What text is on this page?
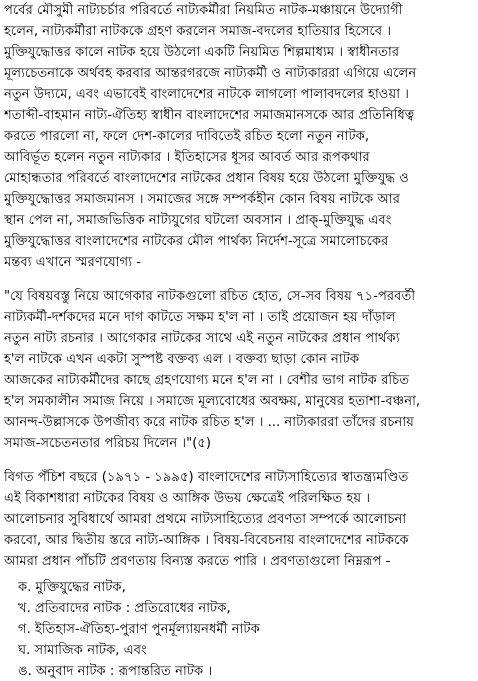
পর্বের মৌসুমী নাট্যচর্চার পরিবর্তে নাট্যকর্মীরা নিয়মিত নাটক-মঞ্চায়নে উদ্যোগী
হলেন, নাট্যকর্মীরা নাটককে গ্রহণ করলেন সমাজ-বদলের হাতিয়ার হিসেবে ।
মুক্তিযুদ্ধোত্তর কালে নাটক হয়ে উঠলো একটি নিয়মিত শিল্পমাধ্যম । স্বাধীনতার
মূল্যচেতনাকে অর্থবহ করবার আন্তরগরজে নাট্যকর্মী ও নাট্যকাররা এগিয়ে এলেন
নতুন উদ্যমে, এবং এভাবেই বাংলাদেশের নাটকে লাগলো পালাবদলের হাওয়া ।
শতাব্দী-বাহমান নাট্য-ঐতিহ্য স্বাধীন বাংলাদেশের সমাজমানসকে আর প্রতিনিধিত্ব
করতে পারলো না, ফলে দেশ-কালের দাবিতেই রচিত হলো নতুন নাটক,
আবির্ভূত হলেন নতুন নাট্যকার । ইতিহাসের ধূসর আবর্ত আর রূপকথার
মোহান্ধতার পরিবর্তে বাংলাদেশের নাটকের প্রধান বিষয় হয়ে উঠলো মুক্তিযুদ্ধ ও
মুক্তিযুদ্ধোত্তর সমাজমানস । সমাজের সঙ্গে সম্পর্কহীন কোন বিষয় নাটকে আর
স্থান পেল না, সমাজভিত্তিক নাট্যযুগের ঘটলো অবসান । প্রাক্-মুক্তিযুদ্ধ এবং
মুক্তিযুদ্ধোত্তর বাংলাদেশের নাটকের মৌল পার্থক্য নির্দেশ-সূত্রে সমালোচকের
মন্তব্য এখানে স্মরণযোগ্য -
"যে বিষয়বস্তু নিয়ে আগেকার নাটকগুলো রচিত হোত, সে-সব বিষয় ৭১-পরবর্তী
নাট্যকর্মী-দর্শকদের মনে দাগ কাটতে সক্ষম হ'ল না । তাই প্রয়োজন হয় দাঁড়াল
নতুন নাট্য রচনার । আগেকার নাটকের সাথে এই নতুন নাটকের প্রধান পার্থক্য
হ'ল নাটকে এখন একটা সুস্পষ্ট বক্তব্য এল । বক্তব্য ছাড়া কোন নাটক
আজকের নাট্যকর্মীদের কাছে গ্রহণযোগ্য মনে হ'ল না । বেশীর ভাগ নাটক রচিত
হ'ল সমকালীন সমাজ নিয়ে । সমাজে মূল্যবোধের অবক্ষয়, মানুষের হতাশা-বঞ্চনা,
আনন্দ-উল্লাসকে উপজীব্য করে নাটক রচিত হ'ল । ... নাট্যকাররা তাঁদের রচনায়
সমাজ-সচেতনতার পরিচয় দিলেন ।"(৫)
বিগত পঁচিশ বছরে (১৯৭১ - ১৯৯৫) বাংলাদেশের নাট্যসাহিত্যের স্বাতন্ত্র্যমণ্ডিত
এই বিকাশধারা নাটকের বিষয় ও আঙ্গিক উভয় ক্ষেত্রেই পরিলক্ষিত হয় ।
আলোচনার সুবিধার্থে আমরা প্রথমে নাট্যসাহিত্যের প্রবণতা সম্পর্কে আলোচনা
করবো, আর দ্বিতীয় স্তরে নাট্য-আঙ্গিক । বিষয়-বিবেচনায় বাংলাদেশের নাটককে
আমরা প্রধান পাঁচটি প্রবণতায় বিন্যস্ত করতে পারি । প্রবণতাগুলো নিম্নরূপ -
ক. মুক্তিযুদ্ধের নাটক,
খ. প্রতিবাদের নাটক : প্রতিরোধের নাটক,
গ. ইতিহাস-ঐতিহ্য-পুরাণ পুনর্মূল্যায়নধর্মী নাটক
ঘ. সামাজিক নাটক, এবং
ঙ. অনুবাদ নাটক : রূপান্তরিত নাটক ।
